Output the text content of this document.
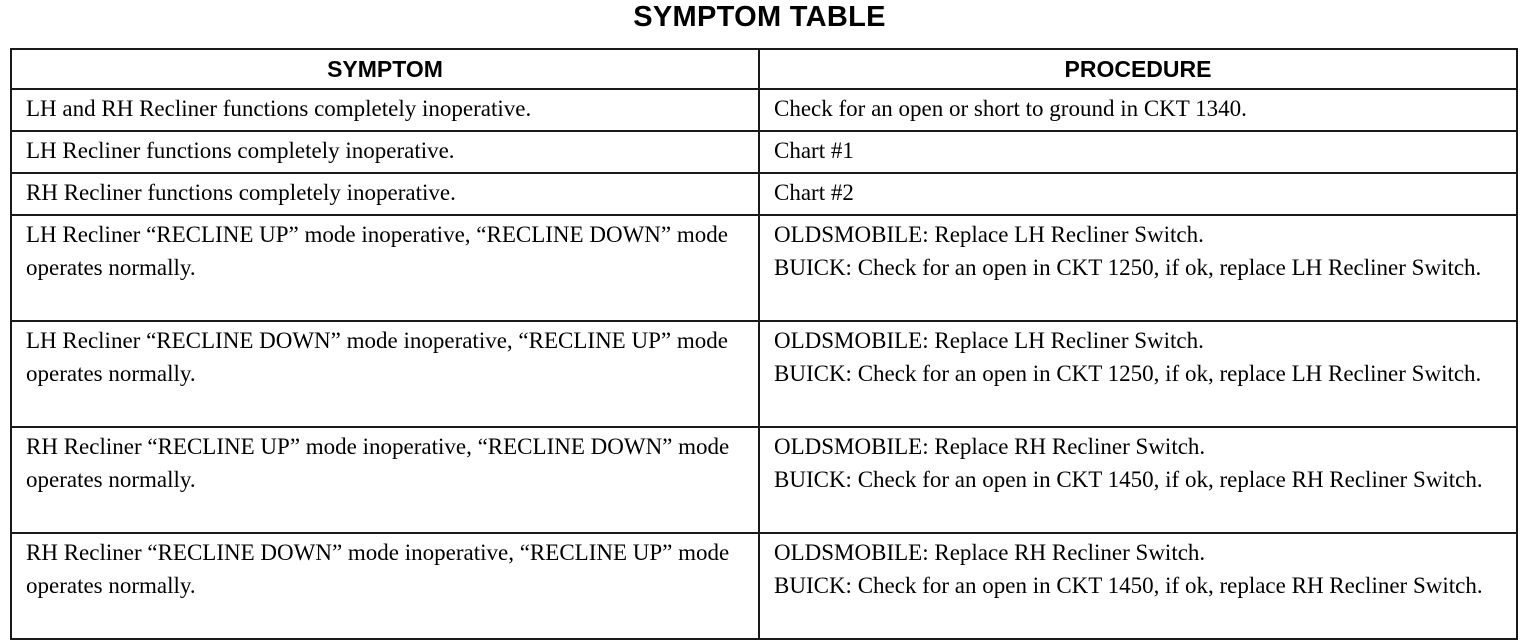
SYMPTOM TABLE
SYMPTOM	PROCEDURE
LH and RH Recliner functions completely inoperative.	Check for an open or short to ground in CKT 1340.

LH Recliner functions completely inoperative.	Chart #1

RH Recliner functions completely inoperative.	Chart #2

LH Recliner “RECLINE UP” mode inoperative, “RECLINE DOWN” mode operates normally.	OLDSMOBILE: Replace LH Recliner Switch.
BUICK: Check for an open in CKT 1250, if ok, replace LH Recliner Switch.

LH Recliner “RECLINE DOWN” mode inoperative, “RECLINE UP” mode operates normally.	OLDSMOBILE: Replace LH Recliner Switch.
BUICK: Check for an open in CKT 1250, if ok, replace LH Recliner Switch.

RH Recliner “RECLINE UP” mode inoperative, “RECLINE DOWN” mode operates normally.	OLDSMOBILE: Replace RH Recliner Switch.
BUICK: Check for an open in CKT 1450, if ok, replace RH Recliner Switch.

RH Recliner “RECLINE DOWN” mode inoperative, “RECLINE UP” mode operates normally.	OLDSMOBILE: Replace RH Recliner Switch.
BUICK: Check for an open in CKT 1450, if ok, replace RH Recliner Switch.
